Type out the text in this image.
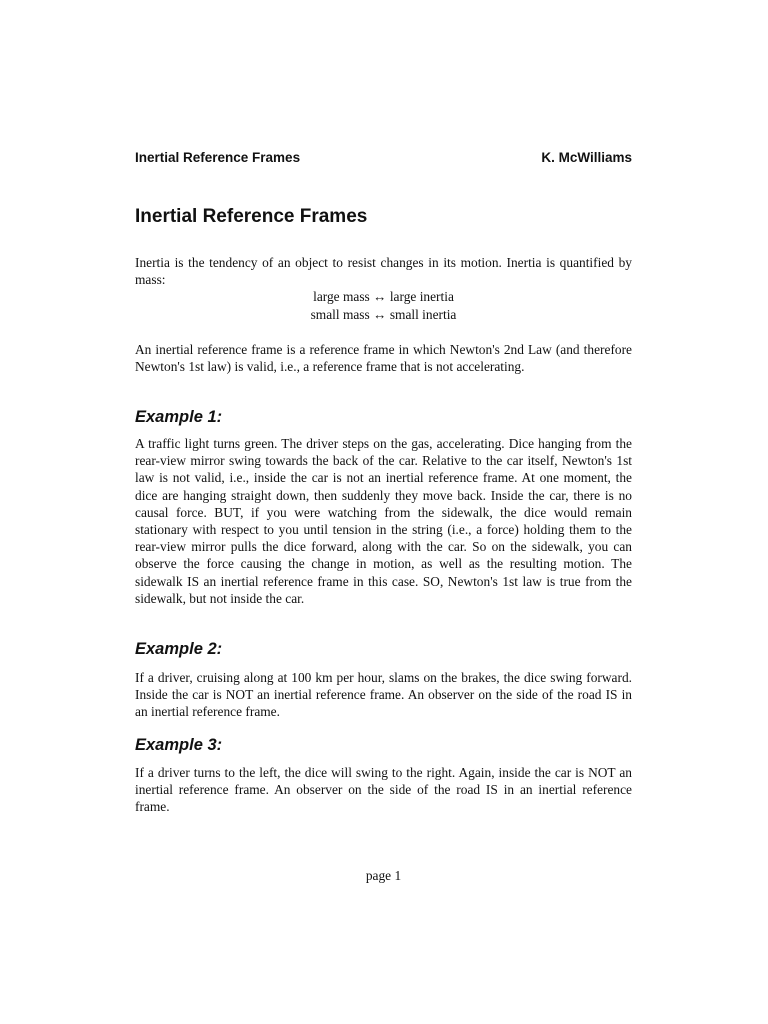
Inertial Reference Frames	K. McWilliams
Inertial Reference Frames

Inertia is the tendency of an object to resist changes in its motion. Inertia is quantified by mass:

large mass ↔ large inertia

small mass ↔ small inertia

An inertial reference frame is a reference frame in which Newton's 2nd Law (and therefore Newton's 1st law) is valid, i.e., a reference frame that is not accelerating.

Example 1:

A traffic light turns green. The driver steps on the gas, accelerating. Dice hanging from the rear-view mirror swing towards the back of the car. Relative to the car itself, Newton's 1st law is not valid, i.e., inside the car is not an inertial reference frame. At one moment, the dice are hanging straight down, then suddenly they move back. Inside the car, there is no causal force. BUT, if you were watching from the sidewalk, the dice would remain stationary with respect to you until tension in the string (i.e., a force) holding them to the rear-view mirror pulls the dice forward, along with the car. So on the sidewalk, you can observe the force causing the change in motion, as well as the resulting motion. The sidewalk IS an inertial reference frame in this case. SO, Newton's 1st law is true from the sidewalk, but not inside the car.

Example 2:

If a driver, cruising along at 100 km per hour, slams on the brakes, the dice swing forward. Inside the car is NOT an inertial reference frame. An observer on the side of the road IS in an inertial reference frame.

Example 3:

If a driver turns to the left, the dice will swing to the right. Again, inside the car is NOT an inertial reference frame. An observer on the side of the road IS in an inertial reference frame.

page 1
